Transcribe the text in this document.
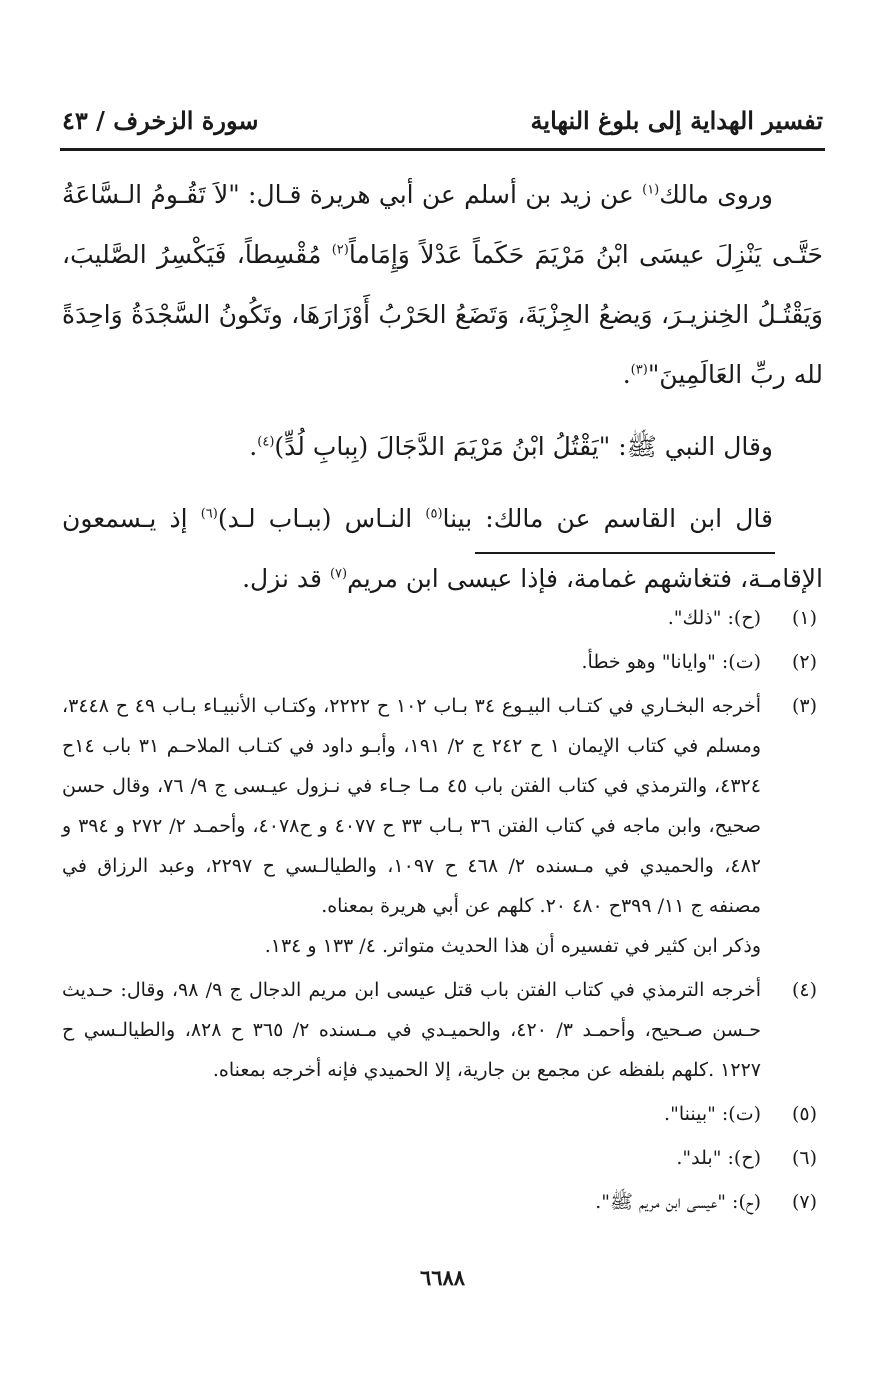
تفسير الهداية إلى بلوغ النهاية
سورة الزخرف / ٤٣

وروى مالك$^{(١)}$ عن زيد بن أسلم عن أبي هريرة قـال: "لاَ تَقُـومُ الـسَّاعَةُ حَتَّـى يَنْزِلَ عيسَى ابْنُ مَرْيَمَ حَكَماً عَدْلاً وَإِمَاماً$^{(٢)}$ مُقْسِطاً، فَيَكْسِرُ الصَّليبَ، وَيَقْتُـلُ الخِنزيـرَ، وَيضعُ الجِزْيَةَ، وَتَضَعُ الحَرْبُ أَوْزَارَهَا، وتَكُونُ السَّجْدَةُ وَاحِدَةً لله ربِّ العَالَمِينَ"$^{(٣)}$.

وقال النبي ﷺ: "يَقْتُلُ ابْنُ مَرْيَمَ الدَّجَالَ (بِبابِ لُدٍّ)$^{(٤)}$.

قال ابن القاسم عن مالك: بينا$^{(٥)}$ النـاس (ببـاب لـد)$^{(٦)}$ إذ يـسمعون الإقامـة، فتغاشهم غمامة، فإذا عيسى ابن مريم$^{(٧)}$ قد نزل.

(١)
(ح): "ذلك".
(٢)
(ت): "وايانا" وهو خطأ.
(٣)
أخرجه البخـاري في كتـاب البيـوع ٣٤ بـاب ١٠٢ ح ٢٢٢٢، وكتـاب الأنبيـاء بـاب ٤٩ ح ٣٤٤٨، ومسلم في كتاب الإيمان ١ ح ٢٤٢ ج ٢/ ١٩١، وأبـو داود في كتـاب الملاحـم ٣١ باب ١٤ح ٤٣٢٤، والترمذي في كتاب الفتن باب ٤٥ مـا جـاء في نـزول عيـسى ج ٩/ ٧٦، وقال حسن صحيح، وابن ماجه في كتاب الفتن ٣٦ بـاب ٣٣ ح ٤٠٧٧ و ح٤٠٧٨، وأحمـد ٢/ ٢٧٢ و ٣٩٤ و ٤٨٢، والحميدي في مـسنده ٢/ ٤٦٨ ح ١٠٩٧، والطيالـسي ح ٢٢٩٧، وعبد الرزاق في مصنفه ج ١١/ ٣٩٩ح ٤٨٠ ٢٠. كلهم عن أبي هريرة بمعناه.
وذكر ابن كثير في تفسيره أن هذا الحديث متواتر. ٤/ ١٣٣ و ١٣٤.
(٤)
أخرجه الترمذي في كتاب الفتن باب قتل عيسى ابن مريم الدجال ج ٩/ ٩٨، وقال: حـديث حـسن صـحيح، وأحمـد ٣/ ٤٢٠، والحميـدي في مـسنده ٢/ ٣٦٥ ح ٨٢٨، والطيالـسي ح ١٢٢٧ .كلهم بلفظه عن مجمع بن جارية، إلا الحميدي فإنه أخرجه بمعناه.
(٥)
(ت): "بيننا".
(٦)
(ح): "بلد".
(٧)
(ح): "عيسى ابن مريم ﷺ".
٦٦٨٨
